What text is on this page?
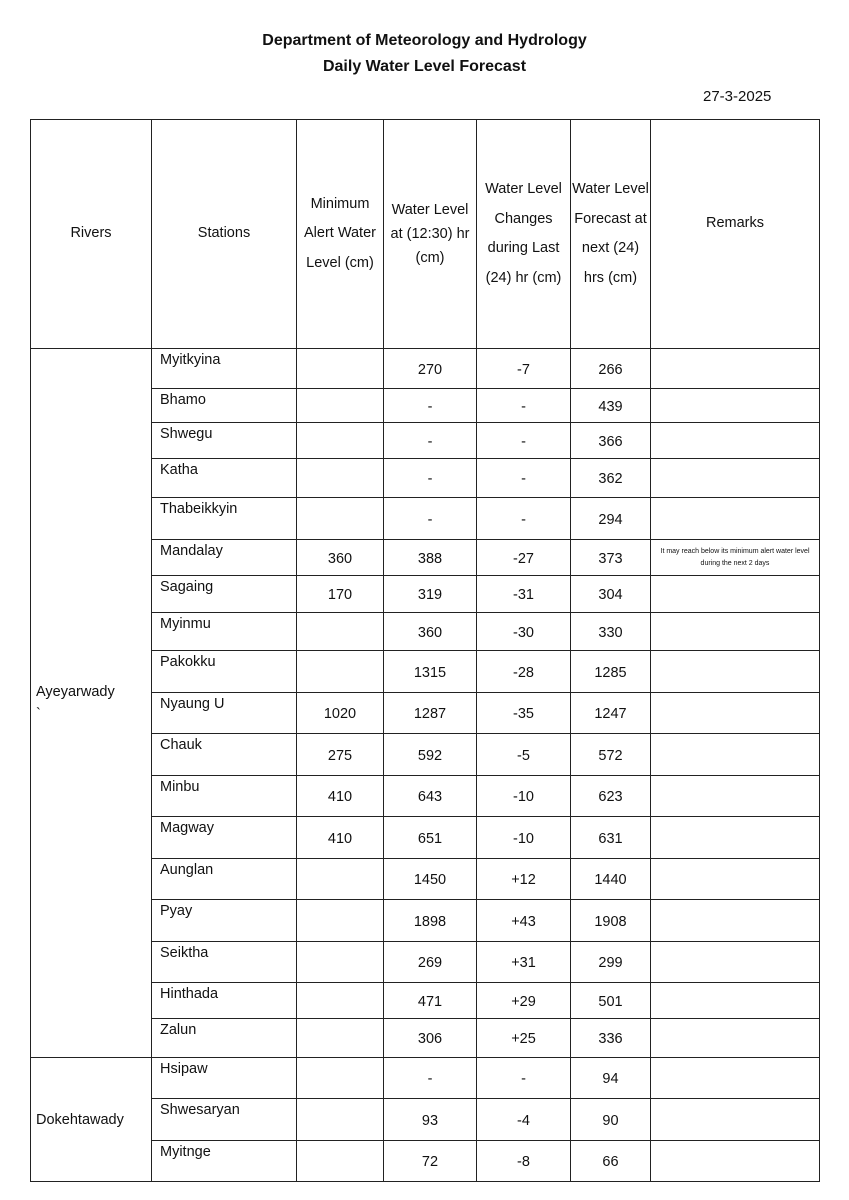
Department of Meteorology and Hydrology
Daily Water Level Forecast
27-3-2025
Rivers	Stations	Minimum Alert Water Level (cm)	Water Level at (12:30) hr (cm)	Water Level Changes during Last (24) hr (cm)	Water Level Forecast at next (24) hrs (cm)	Remarks

Ayeyarwady
`	Myitkyina		270	-7	266	
	Bhamo		-	-	439	
	Shwegu		-	-	366	
	Katha		-	-	362	
	Thabeikkyin		-	-	294	
	Mandalay	360	388	-27	373	It may reach below its minimum alert water level during the next 2 days
	Sagaing	170	319	-31	304	
	Myinmu		360	-30	330	
	Pakokku		1315	-28	1285	
	Nyaung U	1020	1287	-35	1247	
	Chauk	275	592	-5	572	
	Minbu	410	643	-10	623	
	Magway	410	651	-10	631	
	Aunglan		1450	+12	1440	
	Pyay		1898	+43	1908	
	Seiktha		269	+31	299	
	Hinthada		471	+29	501	
	Zalun		306	+25	336	

Dokehtawady	Hsipaw		-	-	94	
	Shwesaryan		93	-4	90	
	Myitnge		72	-8	66	
